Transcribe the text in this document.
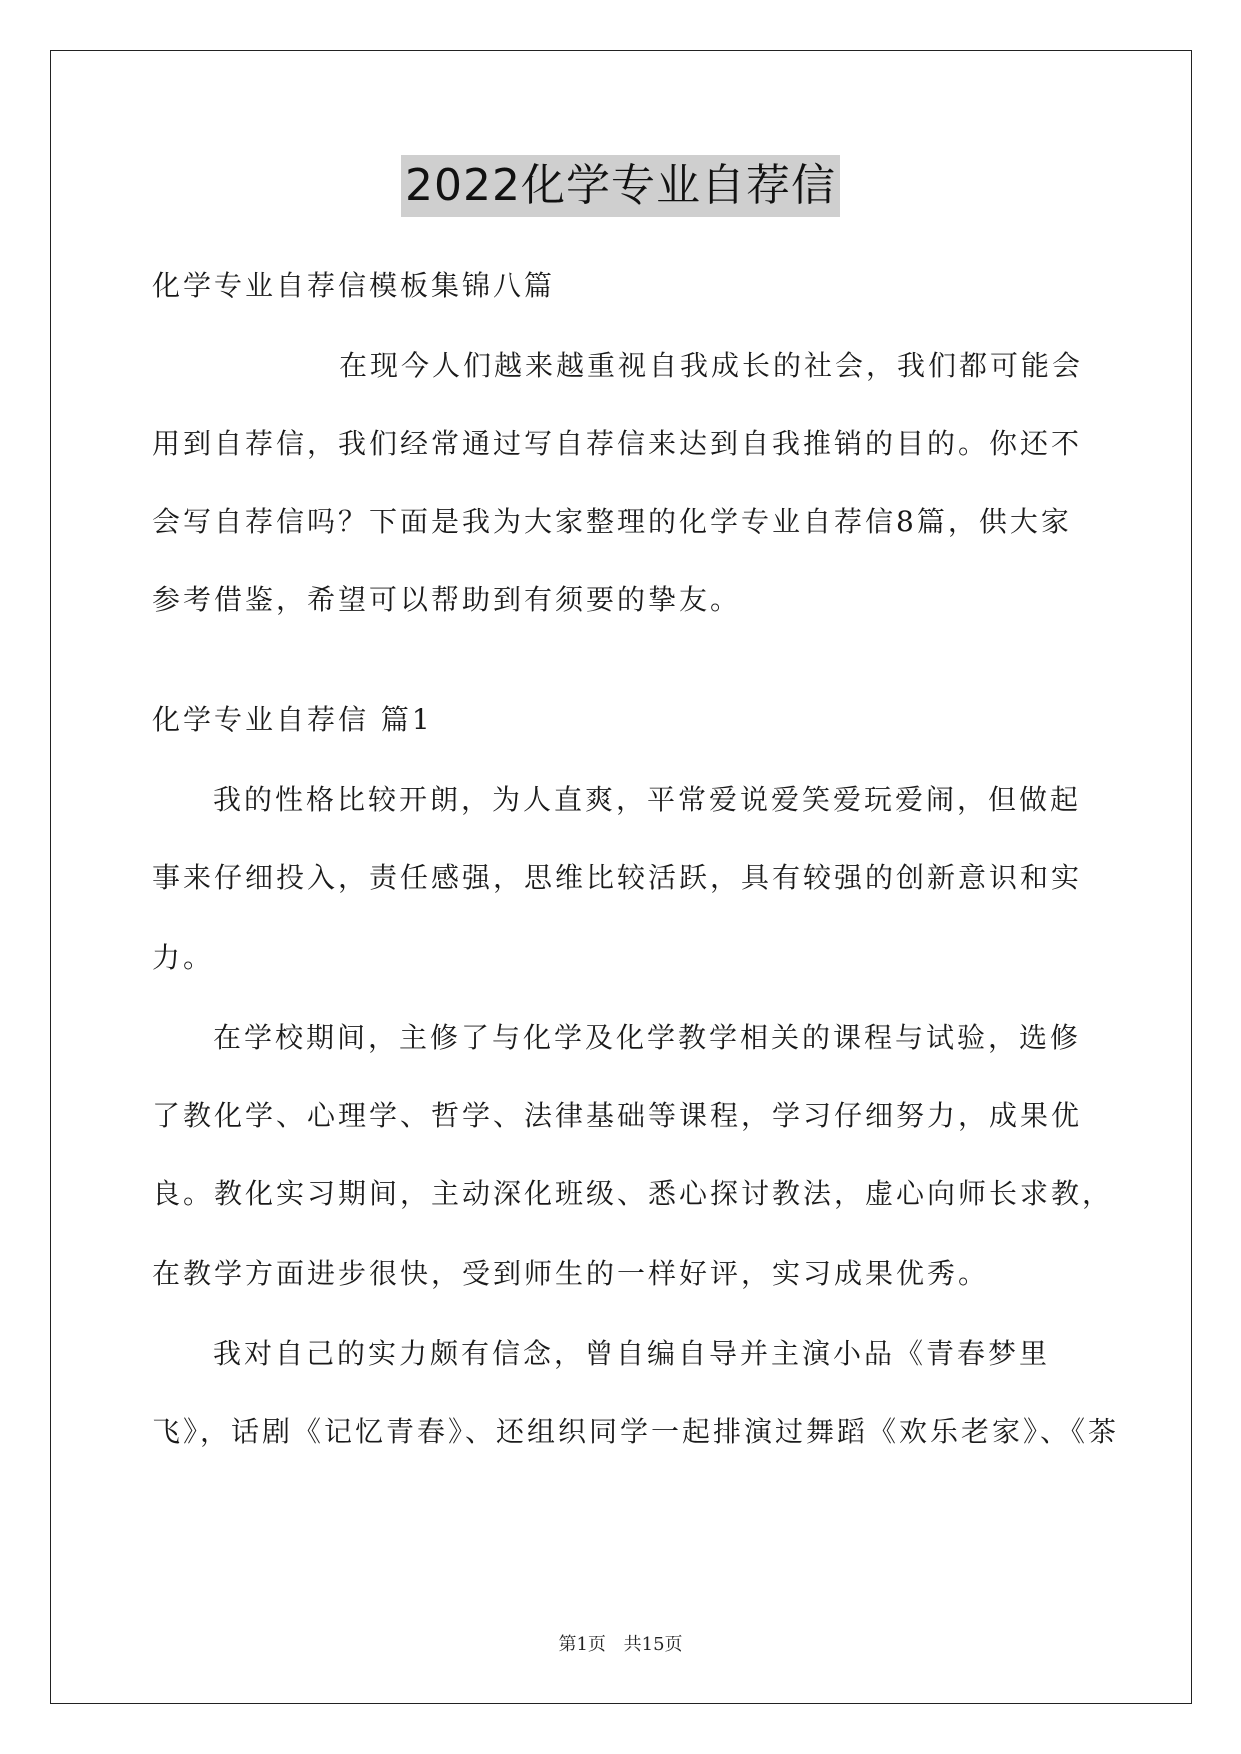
2022化学专业自荐信
化学专业自荐信模板集锦八篇
在现今人们越来越重视自我成长的社会，我们都可能会
用到自荐信，我们经常通过写自荐信来达到自我推销的目的。你还不
会写自荐信吗？下面是我为大家整理的化学专业自荐信8篇，供大家
参考借鉴，希望可以帮助到有须要的挚友。
化学专业自荐信 篇1
我的性格比较开朗，为人直爽，平常爱说爱笑爱玩爱闹，但做起
事来仔细投入，责任感强，思维比较活跃，具有较强的创新意识和实
力。
在学校期间，主修了与化学及化学教学相关的课程与试验，选修
了教化学、心理学、哲学、法律基础等课程，学习仔细努力，成果优
良。教化实习期间，主动深化班级、悉心探讨教法，虚心向师长求教，
在教学方面进步很快，受到师生的一样好评，实习成果优秀。
我对自己的实力颇有信念，曾自编自导并主演小品《青春梦里
飞》，话剧《记忆青春》、还组织同学一起排演过舞蹈《欢乐老家》、《茶
第1页 共15页
